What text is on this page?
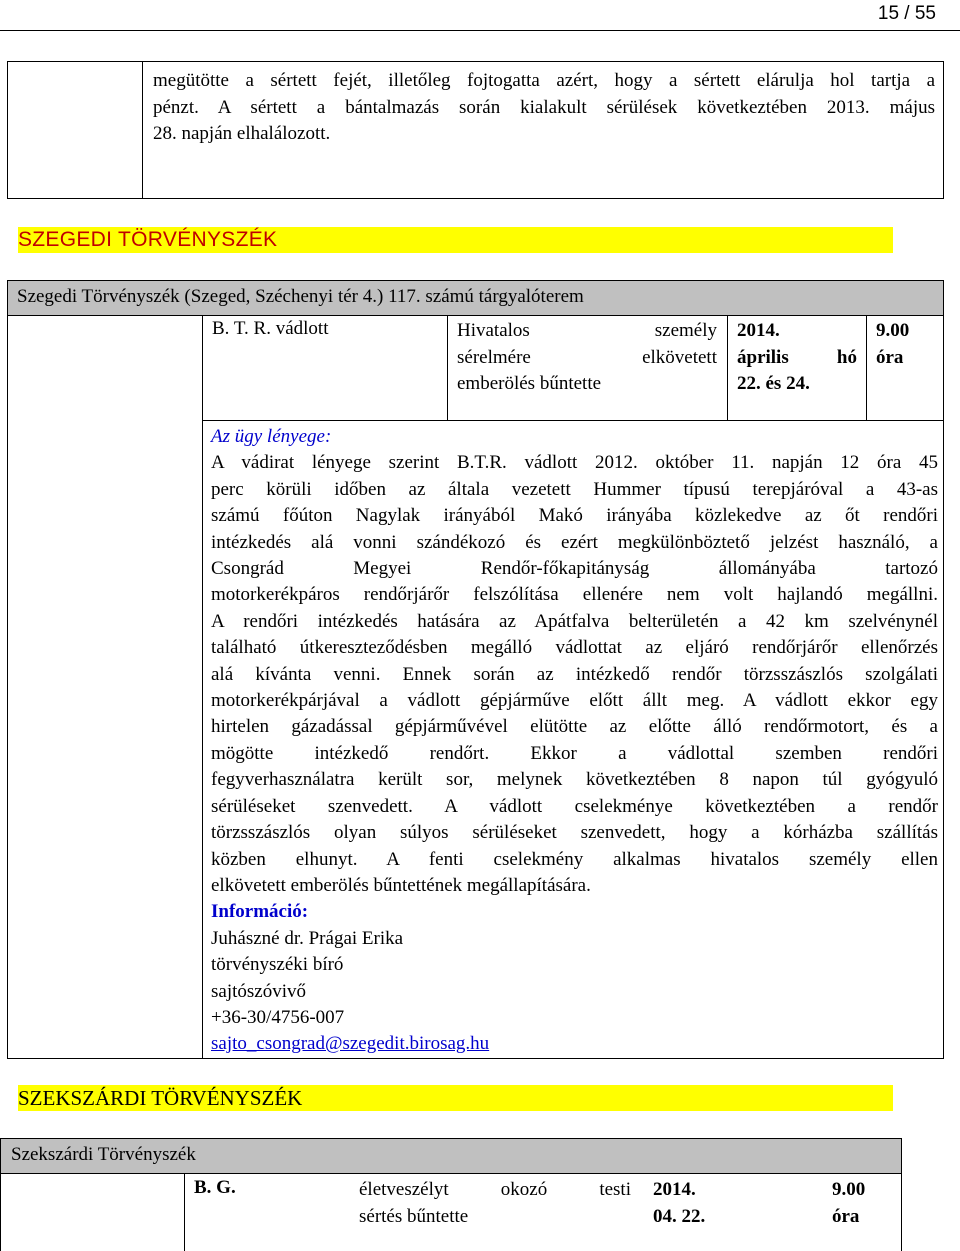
15 / 55
megütötte a sértett fejét, illetőleg fojtogatta azért, hogy a sértett elárulja hol tartja a
pénzt. A sértett a bántalmazás során kialakult sérülések következtében 2013. május
28. napján elhalálozott.
SZEGEDI TÖRVÉNYSZÉK
Szegedi Törvényszék (Szeged, Széchenyi tér 4.) 117. számú tárgyalóterem
B. T. R. vádlott	Hivatalos személy
sérelmére elkövetett
emberölés bűntette
2014.
április hó
22. és 24.
9.00
óra
Az ügy lényege:
A vádirat lényege szerint B.T.R. vádlott 2012. október 11. napján 12 óra 45
perc körüli időben az általa vezetett Hummer típusú terepjáróval a 43-as
számú főúton Nagylak irányából Makó irányába közlekedve az őt rendőri
intézkedés alá vonni szándékozó és ezért megkülönböztető jelzést használó, a
Csongrád Megyei Rendőr-főkapitányság állományába tartozó
motorkerékpáros rendőrjárőr felszólítása ellenére nem volt hajlandó megállni.
A rendőri intézkedés hatására az Apátfalva belterületén a 42 km szelvénynél
található útkereszteződésben megálló vádlottat az eljáró rendőrjárőr ellenőrzés
alá kívánta venni. Ennek során az intézkedő rendőr törzsszászlós szolgálati
motorkerékpárjával a vádlott gépjárműve előtt állt meg. A vádlott ekkor egy
hirtelen gázadással gépjárművével elütötte az előtte álló rendőrmotort, és a
mögötte intézkedő rendőrt. Ekkor a vádlottal szemben rendőri
fegyverhasználatra került sor, melynek következtében 8 napon túl gyógyuló
sérüléseket szenvedett. A vádlott cselekménye következtében a rendőr
törzsszászlós olyan súlyos sérüléseket szenvedett, hogy a kórházba szállítás
közben elhunyt. A fenti cselekmény alkalmas hivatalos személy ellen
elkövetett emberölés bűntettének megállapítására.
Információ:
Juhászné dr. Prágai Erika
törvényszéki bíró
sajtószóvivő
+36-30/4756-007
sajto_csongrad@szegedit.birosag.hu
SZEKSZÁRDI TÖRVÉNYSZÉK
Szekszárdi Törvényszék
B. G.	életveszélyt okozó testi
sértés bűntette
2014.
04. 22.
9.00
óra
